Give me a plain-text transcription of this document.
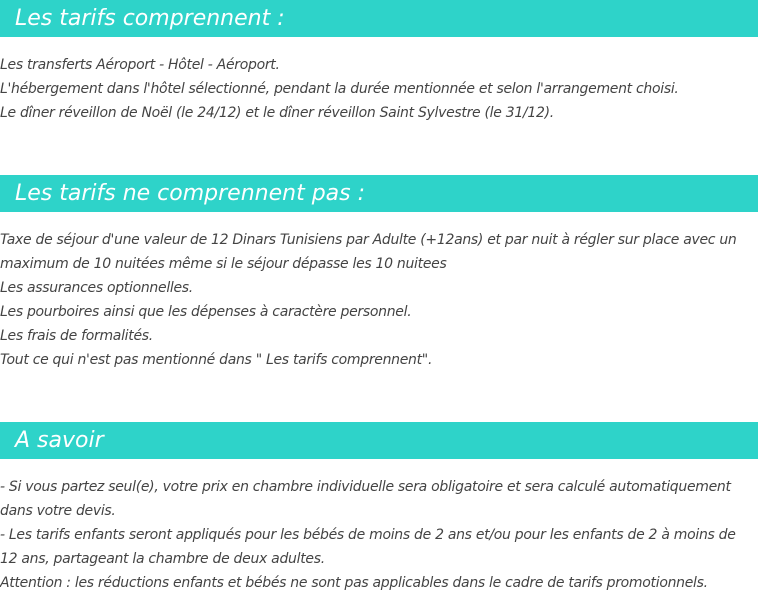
Les tarifs comprennent :
Les transferts Aéroport - Hôtel - Aéroport.
L'hébergement dans l'hôtel sélectionné, pendant la durée mentionnée et selon l'arrangement choisi.
Le dîner réveillon de Noël (le 24/12) et le dîner réveillon Saint Sylvestre (le 31/12).
Les tarifs ne comprennent pas :
Taxe de séjour d'une valeur de 12 Dinars Tunisiens par Adulte (+12ans) et par nuit à régler sur place avec un maximum de 10 nuitées même si le séjour dépasse les 10 nuitees
Les assurances optionnelles.
Les pourboires ainsi que les dépenses à caractère personnel.
Les frais de formalités.
Tout ce qui n'est pas mentionné dans " Les tarifs comprennent".
A savoir
- Si vous partez seul(e), votre prix en chambre individuelle sera obligatoire et sera calculé automatiquement dans votre devis.
- Les tarifs enfants seront appliqués pour les bébés de moins de 2 ans et/ou pour les enfants de 2 à moins de 12 ans, partageant la chambre de deux adultes.
Attention : les réductions enfants et bébés ne sont pas applicables dans le cadre de tarifs promotionnels.
